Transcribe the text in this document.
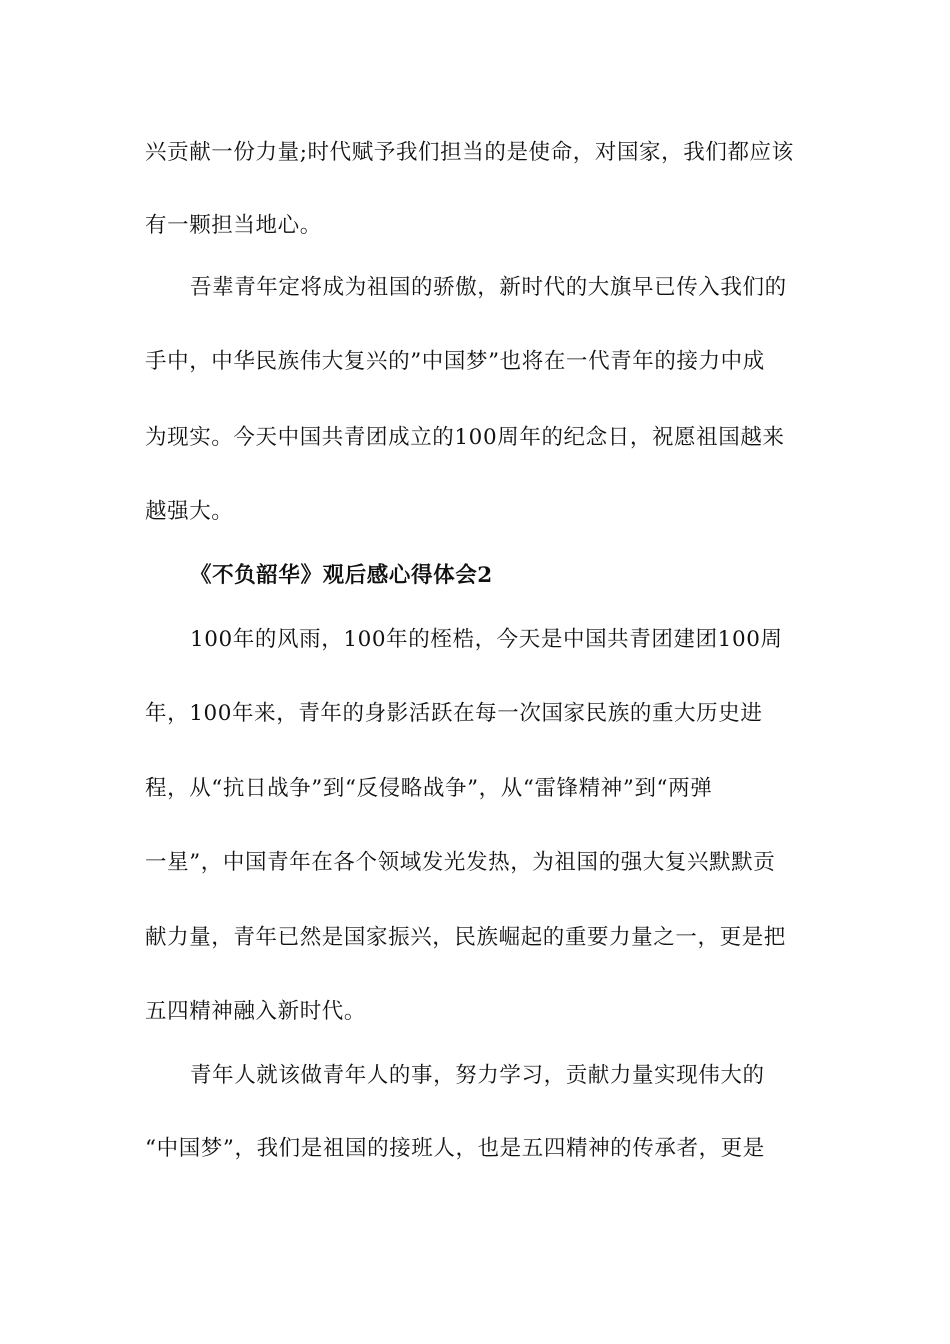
兴贡献一份力量;时代赋予我们担当的是使命，对国家，我们都应该
有一颗担当地心。
吾辈青年定将成为祖国的骄傲，新时代的大旗早已传入我们的
手中，中华民族伟大复兴的”中国梦”也将在一代青年的接力中成
为现实。今天中国共青团成立的100周年的纪念日，祝愿祖国越来
越强大。
《不负韶华》观后感心得体会2
100年的风雨，100年的桎梏，今天是中国共青团建团100周
年，100年来，青年的身影活跃在每一次国家民族的重大历史进
程，从“抗日战争”到“反侵略战争”，从“雷锋精神”到“两弹
一星”，中国青年在各个领域发光发热，为祖国的强大复兴默默贡
献力量，青年已然是国家振兴，民族崛起的重要力量之一，更是把
五四精神融入新时代。
青年人就该做青年人的事，努力学习，贡献力量实现伟大的
“中国梦”，我们是祖国的接班人，也是五四精神的传承者，更是
